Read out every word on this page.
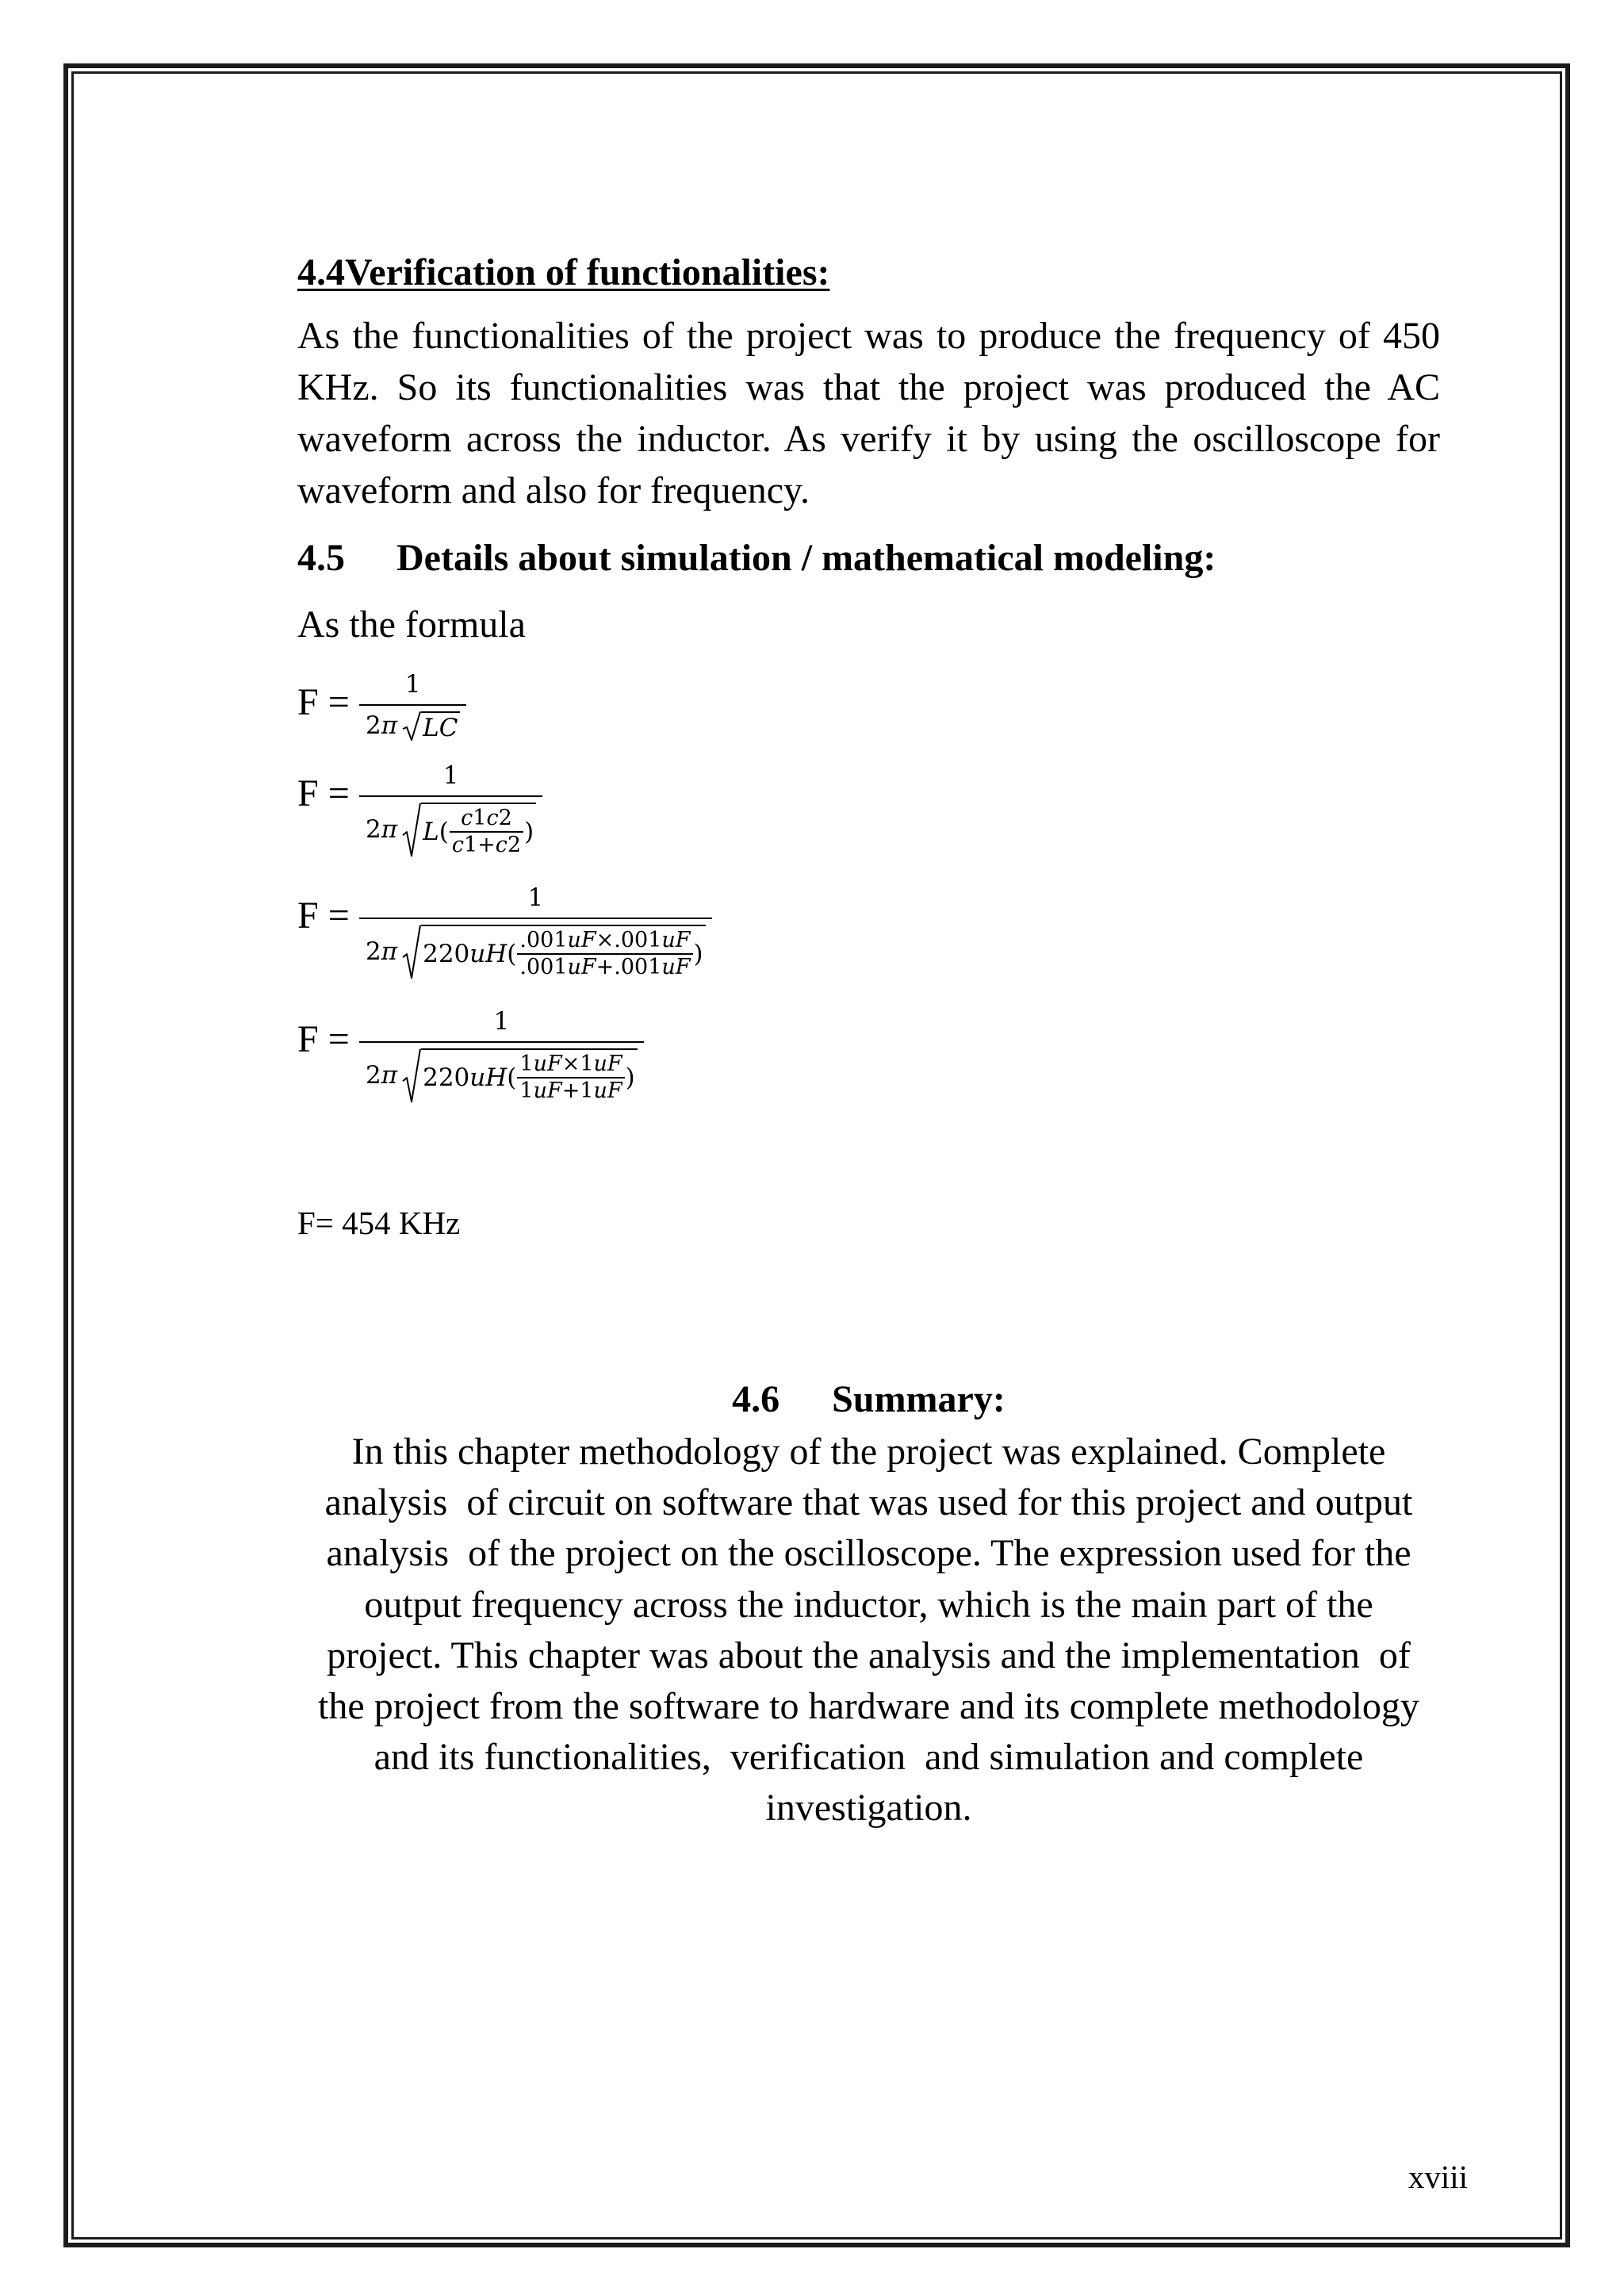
4.4Verification of functionalities:
As the functionalities of the project was to produce the frequency of 450
KHz. So its functionalities was that the project was produced the AC
waveform across the inductor. As verify it by using the oscilloscope for
waveform and also for frequency.
4.5 Details about simulation / mathematical modeling:
As the formula
F =	1
2π LC
F =	1
2π $L( \frac{c1c2}{c1+c2}$ )
F =	1
2π $220uH( \frac{.001uF\times.001uF}{.001uF+.001uF}$ )
F =	1
2π $220uH( \frac{1uF\times 1uF}{1uF+1uF}$ )
F= 454 KHz
4.6 Summary:
In this chapter methodology of the project was explained. Complete
analysis  of circuit on software that was used for this project and output
analysis  of the project on the oscilloscope. The expression used for the
output frequency across the inductor, which is the main part of the
project. This chapter was about the analysis and the implementation  of
the project from the software to hardware and its complete methodology
and its functionalities,  verification  and simulation and complete
investigation.
xviii
